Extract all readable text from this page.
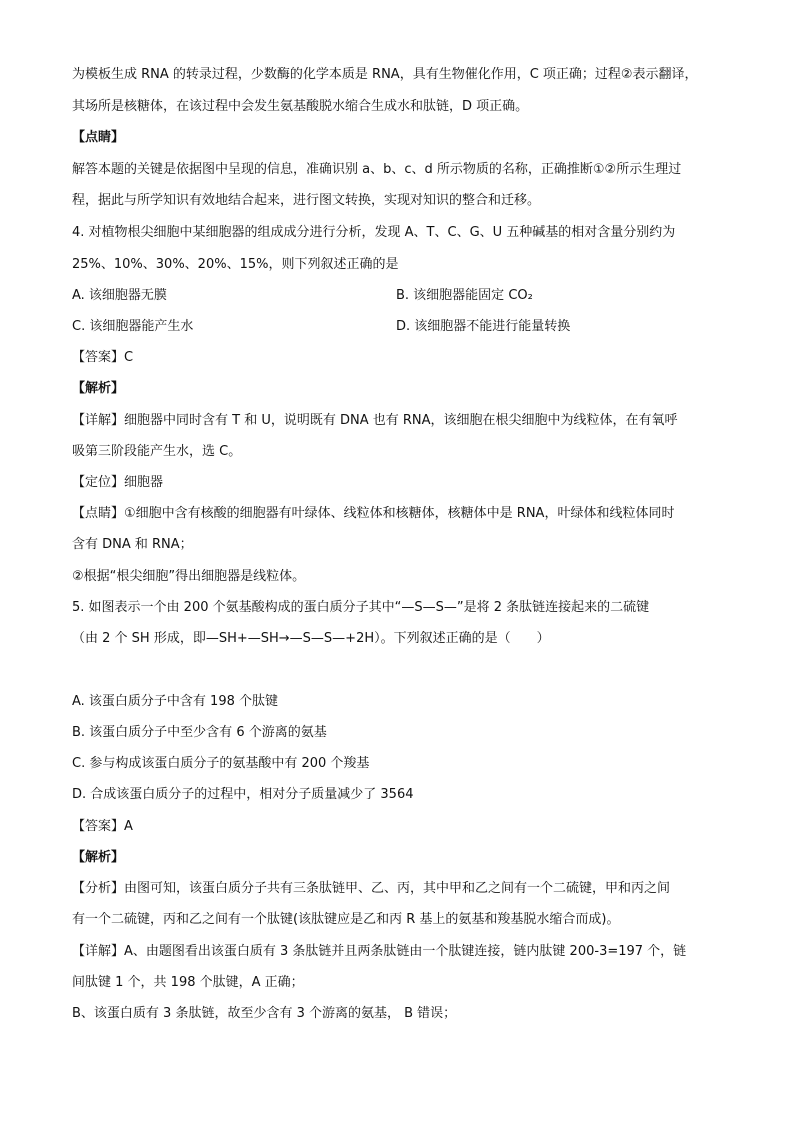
为模板生成 RNA 的转录过程，少数酶的化学本质是 RNA，具有生物催化作用，C 项正确；过程②表示翻译，
其场所是核糖体，在该过程中会发生氨基酸脱水缩合生成水和肽链，D 项正确。
【点睛】
解答本题的关键是依据图中呈现的信息，准确识别 a、b、c、d 所示物质的名称，正确推断①②所示生理过
程，据此与所学知识有效地结合起来，进行图文转换，实现对知识的整合和迁移。
4. 对植物根尖细胞中某细胞器的组成成分进行分析，发现 A、T、C、G、U 五种碱基的相对含量分别约为
25%、10%、30%、20%、15%，则下列叙述正确的是
A. 该细胞器无膜	B. 该细胞器能固定 CO₂
C. 该细胞器能产生水	D. 该细胞器不能进行能量转换
【答案】C
【解析】
【详解】细胞器中同时含有 T 和 U，说明既有 DNA 也有 RNA，该细胞在根尖细胞中为线粒体，在有氧呼
吸第三阶段能产生水，选 C。
【定位】细胞器
【点睛】①细胞中含有核酸的细胞器有叶绿体、线粒体和核糖体，核糖体中是 RNA，叶绿体和线粒体同时
含有 DNA 和 RNA；
②根据“根尖细胞”得出细胞器是线粒体。
5. 如图表示一个由 200 个氨基酸构成的蛋白质分子其中“—S—S—”是将 2 条肽链连接起来的二硫键
（由 2 个 SH 形成，即—SH+—SH→—S—S—+2H）。下列叙述正确的是（　　）
A. 该蛋白质分子中含有 198 个肽键
B. 该蛋白质分子中至少含有 6 个游离的氨基
C. 参与构成该蛋白质分子的氨基酸中有 200 个羧基
D. 合成该蛋白质分子的过程中，相对分子质量减少了 3564
【答案】A
【解析】
【分析】由图可知，该蛋白质分子共有三条肽链甲、乙、丙，其中甲和乙之间有一个二硫键，甲和丙之间
有一个二硫键，丙和乙之间有一个肽键(该肽键应是乙和丙 R 基上的氨基和羧基脱水缩合而成)。
【详解】A、由题图看出该蛋白质有 3 条肽链并且两条肽链由一个肽键连接，链内肽键 200-3=197 个，链
间肽键 1 个，共 198 个肽键，A 正确；
B、该蛋白质有 3 条肽链，故至少含有 3 个游离的氨基， B 错误；
